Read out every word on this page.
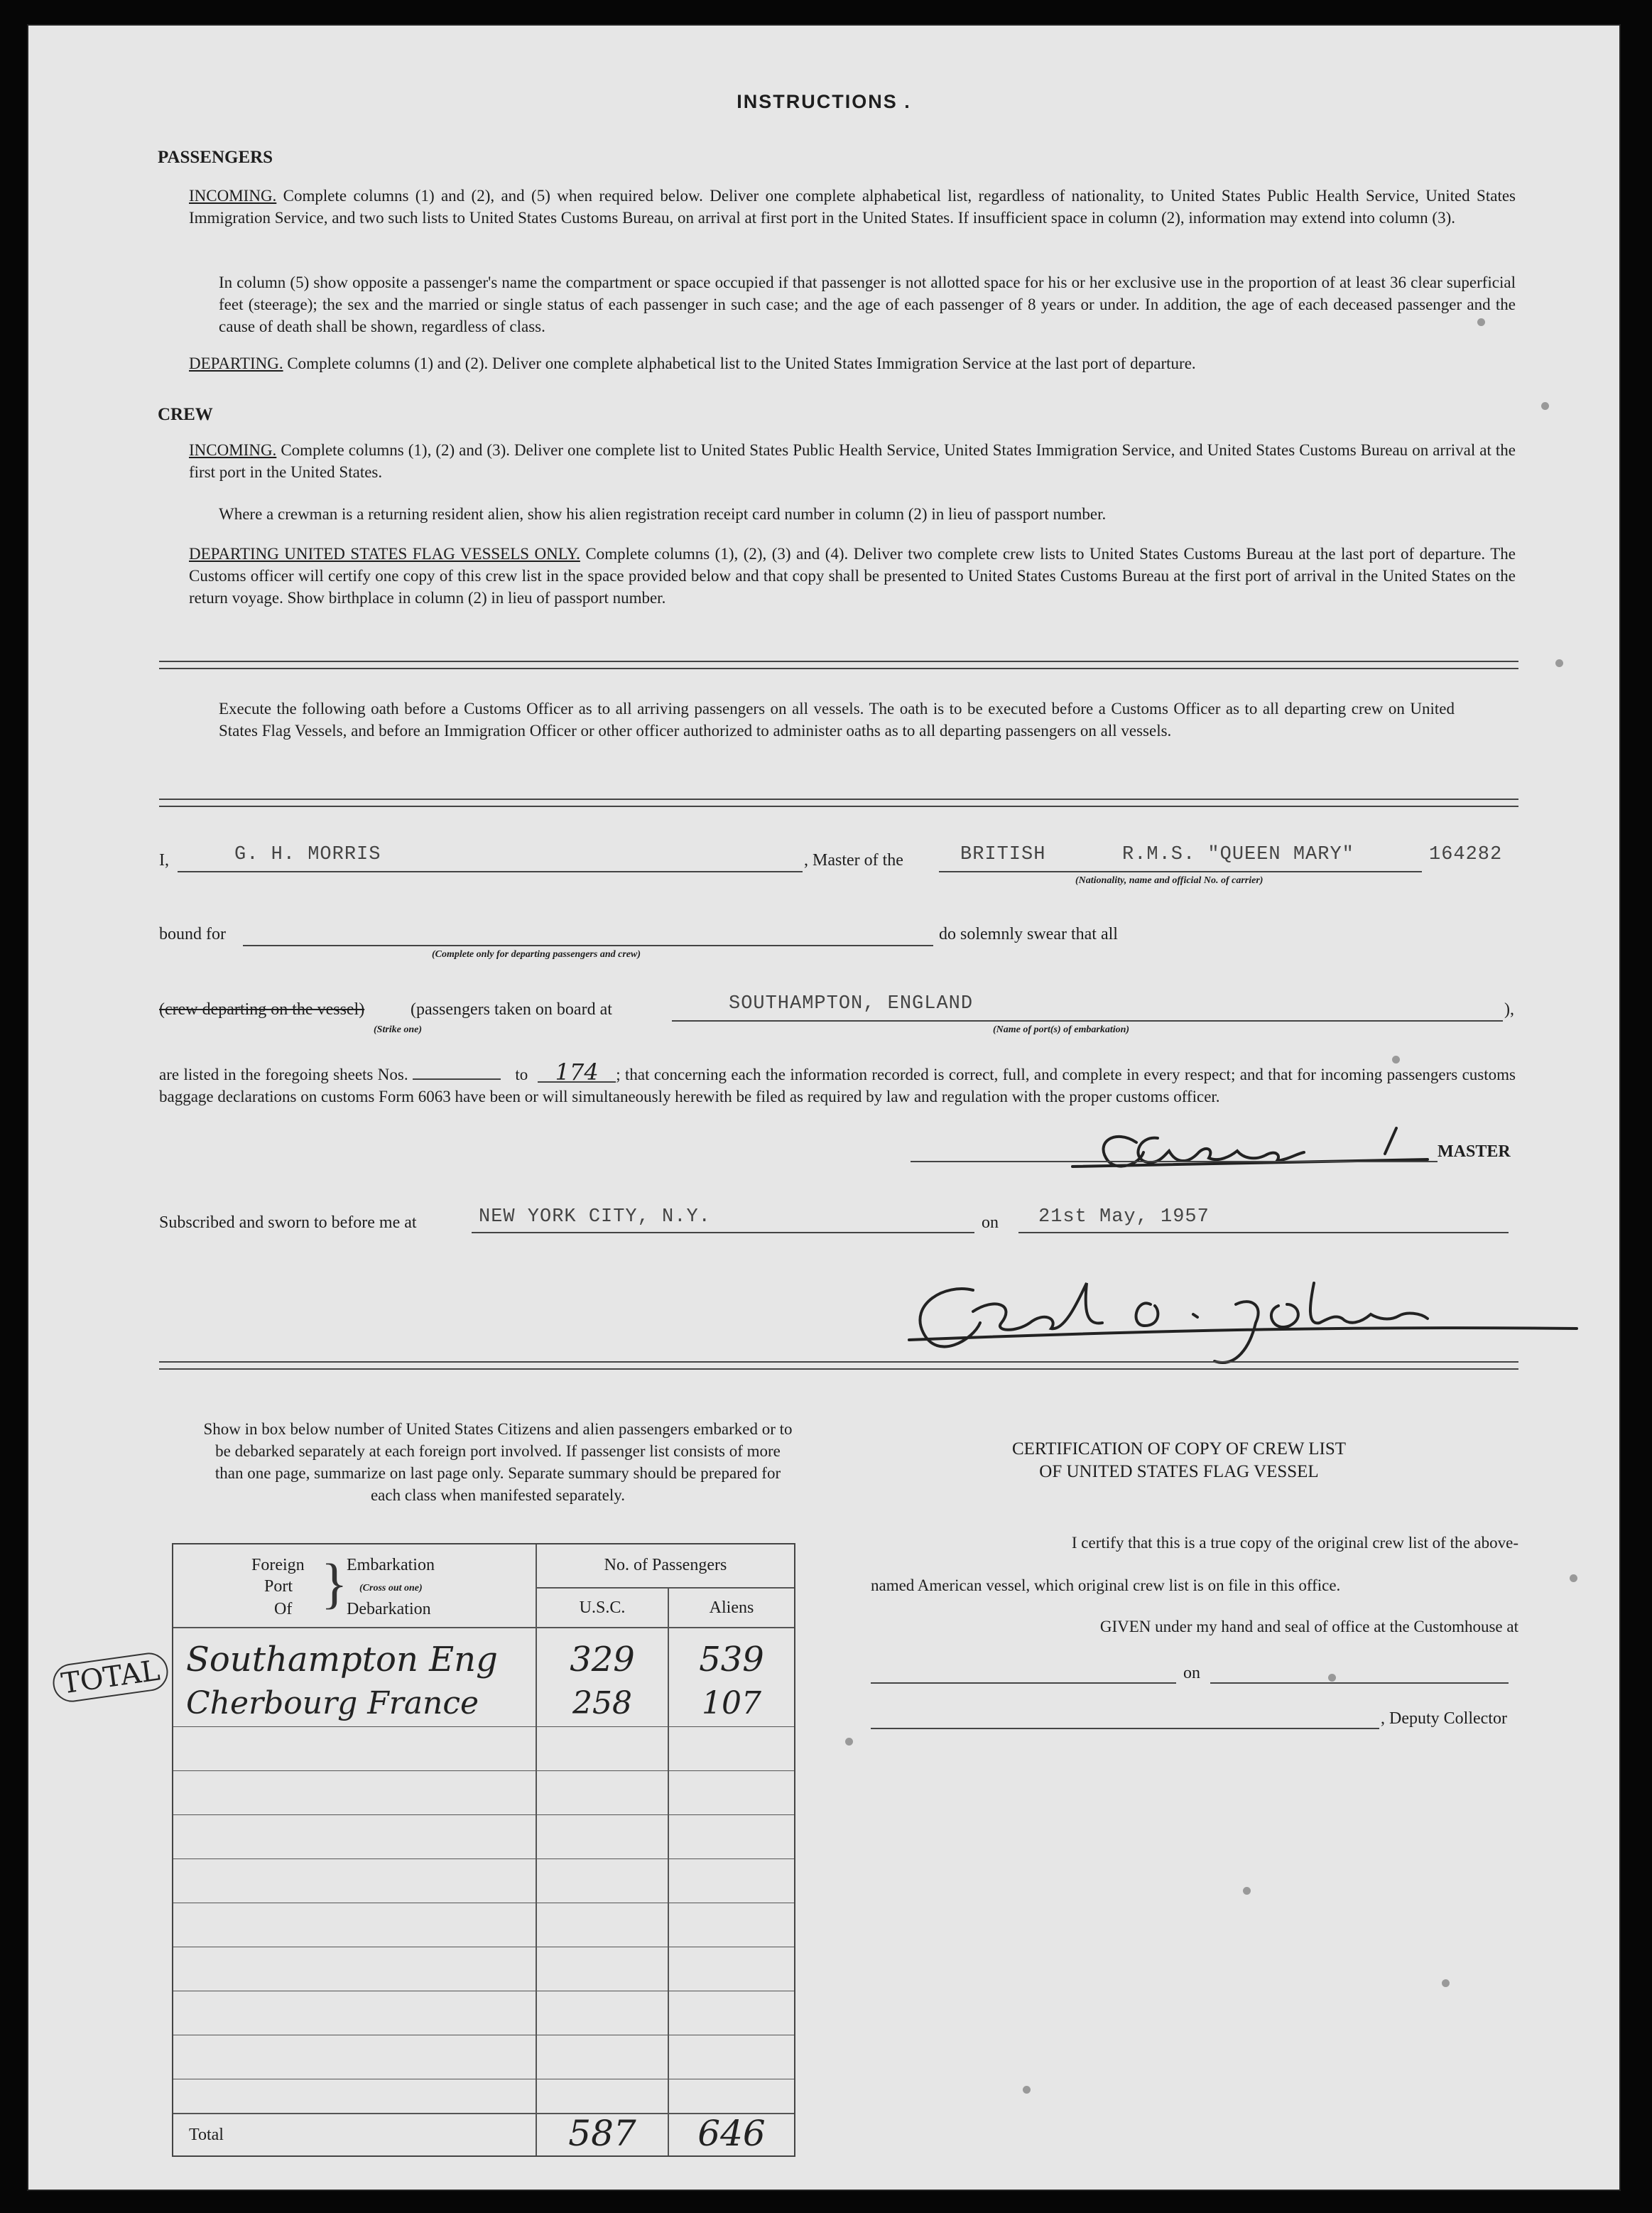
INSTRUCTIONS .
PASSENGERS
INCOMING. Complete columns (1) and (2), and (5) when required below. Deliver one complete alphabetical list, regardless of nationality, to United States Public Health Service, United States Immigration Service, and two such lists to United States Customs Bureau, on arrival at first port in the United States. If insufficient space in column (2), information may extend into column (3).
In column (5) show opposite a passenger's name the compartment or space occupied if that passenger is not allotted space for his or her exclusive use in the proportion of at least 36 clear superficial feet (steerage); the sex and the married or single status of each passenger in such case; and the age of each passenger of 8 years or under. In addition, the age of each deceased passenger and the cause of death shall be shown, regardless of class.
DEPARTING. Complete columns (1) and (2). Deliver one complete alphabetical list to the United States Immigration Service at the last port of departure.
CREW
INCOMING. Complete columns (1), (2) and (3). Deliver one complete list to United States Public Health Service, United States Immigration Service, and United States Customs Bureau on arrival at the first port in the United States.
Where a crewman is a returning resident alien, show his alien registration receipt card number in column (2) in lieu of passport number.
DEPARTING UNITED STATES FLAG VESSELS ONLY. Complete columns (1), (2), (3) and (4). Deliver two complete crew lists to United States Customs Bureau at the last port of departure. The Customs officer will certify one copy of this crew list in the space provided below and that copy shall be presented to United States Customs Bureau at the first port of arrival in the United States on the return voyage. Show birthplace in column (2) in lieu of passport number.
Execute the following oath before a Customs Officer as to all arriving passengers on all vessels. The oath is to be executed before a Customs Officer as to all departing crew on United States Flag Vessels, and before an Immigration Officer or other officer authorized to administer oaths as to all departing passengers on all vessels.
I,	G. H. MORRIS	, Master of the	BRITISH	R.M.S. "QUEEN MARY"	164282
(Nationality, name and official No. of carrier)
bound for
(Complete only for departing passengers and crew)
do solemnly swear that all
(crew departing on the vessel)
(Strike one)
(passengers taken on board at	SOUTHAMPTON, ENGLAND
(Name of port(s) of embarkation)
),
are listed in the foregoing sheets Nos.	to 174 ; that concerning each the information recorded is correct, full, and complete in every respect; and that for incoming passengers customs baggage declarations on customs Form 6063 have been or will simultaneously herewith be filed as required by law and regulation with the proper customs officer.
MASTER
Subscribed and sworn to before me at	NEW YORK CITY, N.Y.	on 21st May, 1957
Show in box below number of United States Citizens and alien passengers embarked or to be debarked separately at each foreign port involved. If passenger list consists of more than one page, summarize on last page only. Separate summary should be prepared for each class when manifested separately.
Foreign
Port
Of }
Embarkation
(Cross out one)
Debarkation
No. of Passengers
U.S.C.	Aliens
Southampton Eng	329	539
Cherbourg France	258	107
Total	587	646
TOTAL
CERTIFICATION OF COPY OF CREW LIST
OF UNITED STATES FLAG VESSEL
I certify that this is a true copy of the original crew list of the above-
named American vessel, which original crew list is on file in this office.
GIVEN under my hand and seal of office at the Customhouse at
on
, Deputy Collector
